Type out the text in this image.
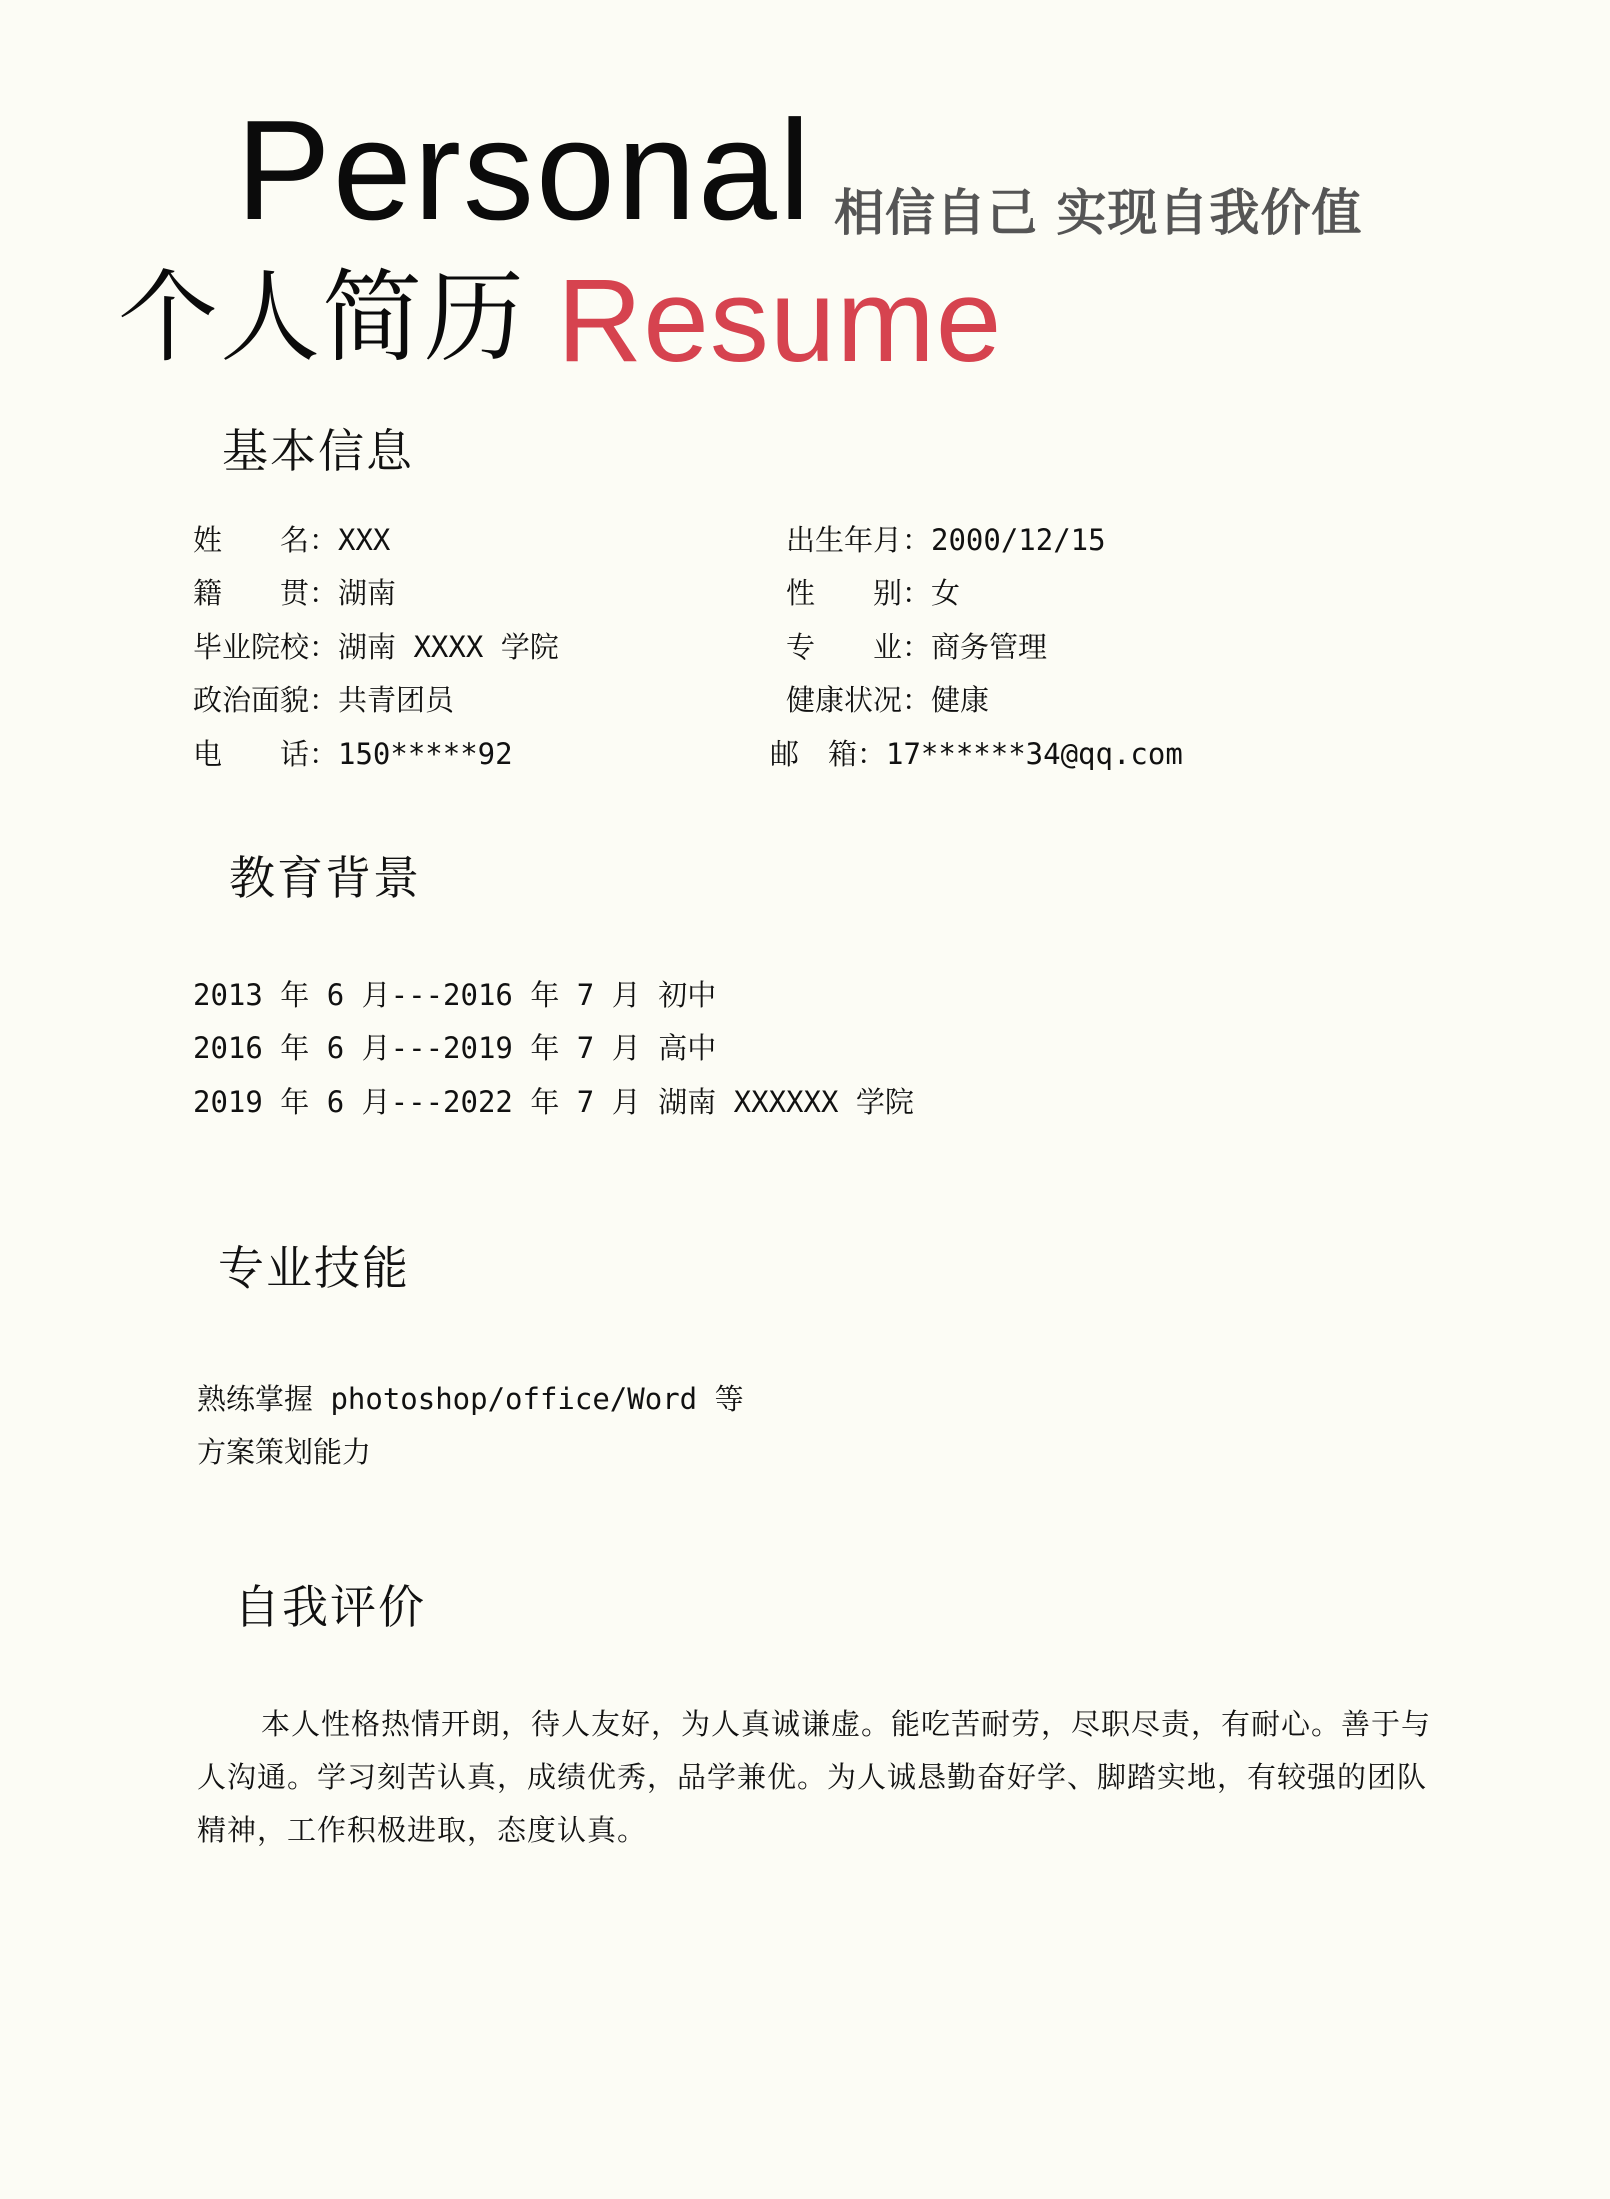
Personal 相信自己 实现自我价值
个人简历 Resume
基本信息
姓　　名：XXX	出生年月：2000/12/15
籍　　贯：湖南	性　　别：女
毕业院校：湖南 XXXX 学院	专　　业：商务管理
政治面貌：共青团员	健康状况：健康
电　　话：150*****92	邮　箱：17******34@qq.com
教育背景
2013 年 6 月---2016 年 7 月 初中
2016 年 6 月---2019 年 7 月 高中
2019 年 6 月---2022 年 7 月 湖南 XXXXXX 学院
专业技能
熟练掌握 photoshop/office/Word 等
方案策划能力
自我评价

本人性格热情开朗，待人友好，为人真诚谦虚。能吃苦耐劳，尽职尽责，有耐心。善于与人沟通。学习刻苦认真，成绩优秀，品学兼优。为人诚恳勤奋好学、脚踏实地，有较强的团队精神，工作积极进取，态度认真。
